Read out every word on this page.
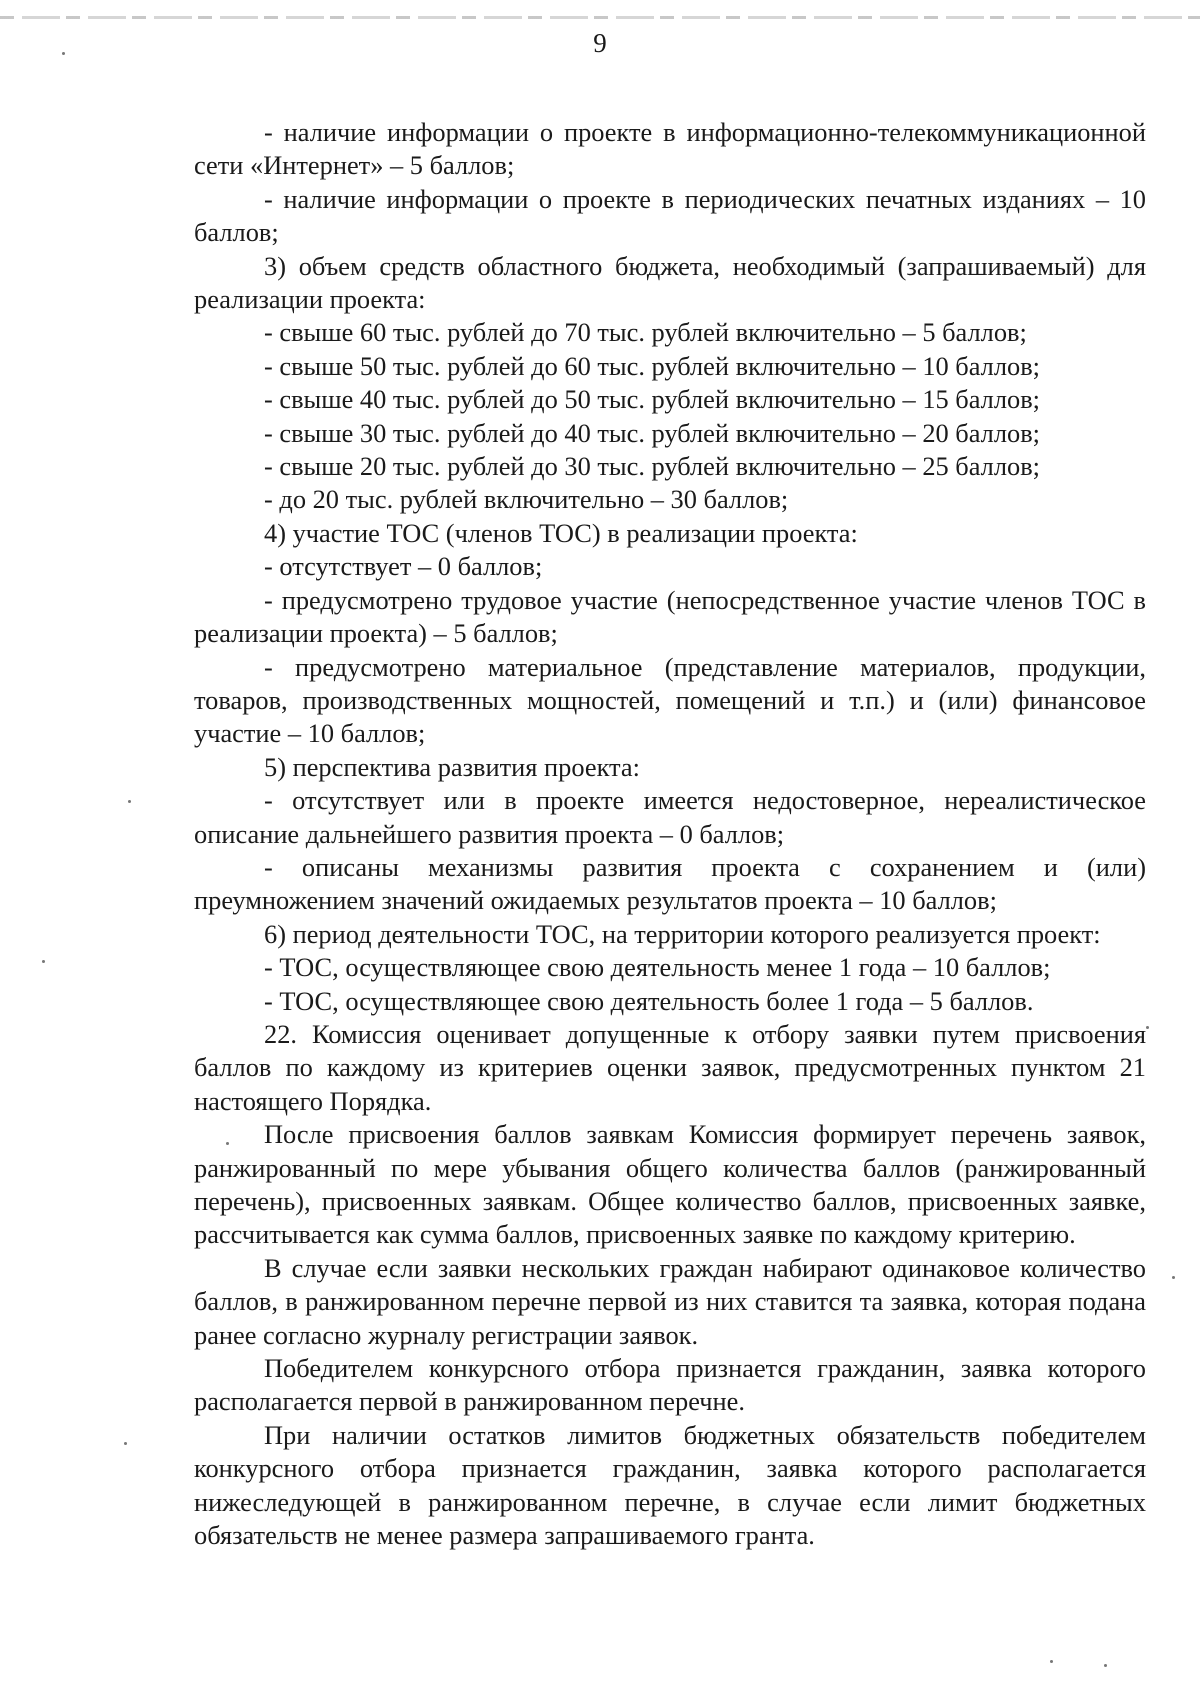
9

- наличие информации о проекте в информационно-телекоммуникационной сети «Интернет» – 5 баллов;

- наличие информации о проекте в периодических печатных изданиях – 10 баллов;

3) объем средств областного бюджета, необходимый (запрашиваемый) для реализации проекта:

- свыше 60 тыс. рублей до 70 тыс. рублей включительно – 5 баллов;

- свыше 50 тыс. рублей до 60 тыс. рублей включительно – 10 баллов;

- свыше 40 тыс. рублей до 50 тыс. рублей включительно – 15 баллов;

- свыше 30 тыс. рублей до 40 тыс. рублей включительно – 20 баллов;

- свыше 20 тыс. рублей до 30 тыс. рублей включительно – 25 баллов;

- до 20 тыс. рублей включительно – 30 баллов;

4) участие ТОС (членов ТОС) в реализации проекта:

- отсутствует – 0 баллов;

- предусмотрено трудовое участие (непосредственное участие членов ТОС в реализации проекта) – 5 баллов;

- предусмотрено материальное (представление материалов, продукции, товаров, производственных мощностей, помещений и т.п.) и (или) финансовое участие – 10 баллов;

5) перспектива развития проекта:

- отсутствует или в проекте имеется недостоверное, нереалистическое описание дальнейшего развития проекта – 0 баллов;

- описаны механизмы развития проекта с сохранением и (или) преумножением значений ожидаемых результатов проекта – 10 баллов;

6) период деятельности ТОС, на территории которого реализуется проект:

- ТОС, осуществляющее свою деятельность менее 1 года – 10 баллов;

- ТОС, осуществляющее свою деятельность более 1 года – 5 баллов.

22. Комиссия оценивает допущенные к отбору заявки путем присвоения баллов по каждому из критериев оценки заявок, предусмотренных пунктом 21 настоящего Порядка.

После присвоения баллов заявкам Комиссия формирует перечень заявок, ранжированный по мере убывания общего количества баллов (ранжированный перечень), присвоенных заявкам. Общее количество баллов, присвоенных заявке, рассчитывается как сумма баллов, присвоенных заявке по каждому критерию.

В случае если заявки нескольких граждан набирают одинаковое количество баллов, в ранжированном перечне первой из них ставится та заявка, которая подана ранее согласно журналу регистрации заявок.

Победителем конкурсного отбора признается гражданин, заявка которого располагается первой в ранжированном перечне.

При наличии остатков лимитов бюджетных обязательств победителем конкурсного отбора признается гражданин, заявка которого располагается нижеследующей в ранжированном перечне, в случае если лимит бюджетных обязательств не менее размера запрашиваемого гранта.
